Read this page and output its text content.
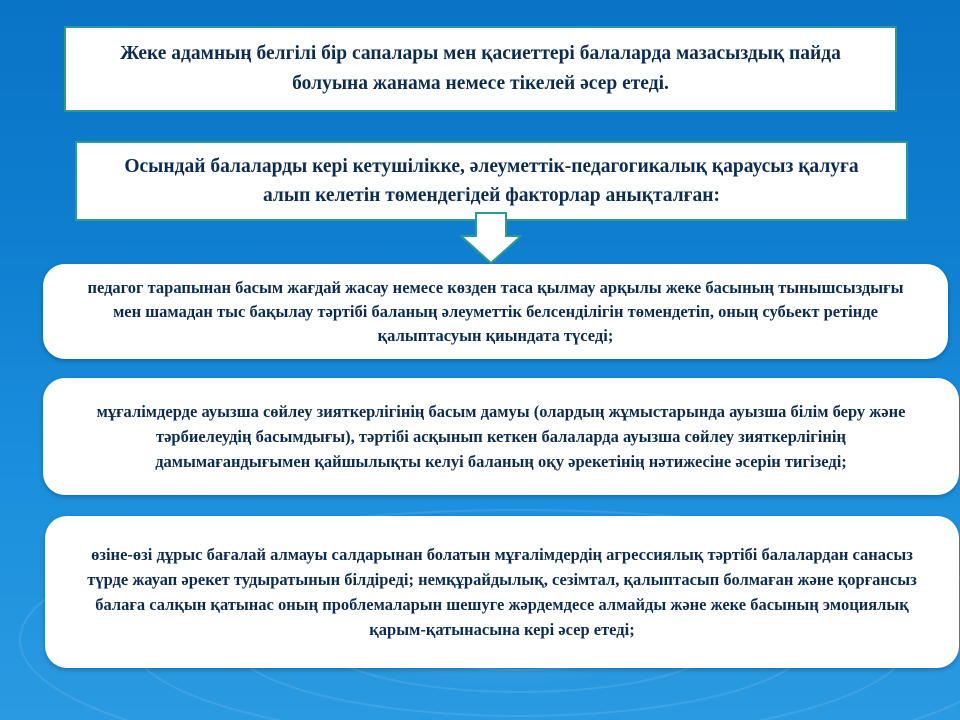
Жеке адамның белгілі бір сапалары мен қасиеттері балаларда мазасыздық пайда болуына жанама немесе тікелей әсер етеді.
Осындай балаларды кері кетушілікке, әлеуметтік-педагогикалық қараусыз қалуға алып келетін төмендегідей факторлар анықталған:
педагог тарапынан басым жағдай жасау немесе көзден таса қылмау арқылы жеке басының тынышсыздығы мен шамадан тыс бақылау тәртібі баланың әлеуметтік белсенділігін төмендетіп, оның субьект ретінде қалыптасуын қиындата түседі;
мұғалімдерде ауызша сөйлеу зияткерлігінің басым дамуы (олардың жұмыстарында ауызша білім беру және тәрбиелеудің басымдығы), тәртібі асқынып кеткен балаларда ауызша сөйлеу зияткерлігінің дамымағандығымен қайшылықты келуі баланың оқу әрекетінің нәтижесіне әсерін тигізеді;
өзіне-өзі дұрыс бағалай алмауы салдарынан болатын мұғалімдердің агрессиялық тәртібі балалардан санасыз түрде жауап әрекет тудыратынын білдіреді; немқұрайдылық, сезімтал, қалыптасып болмаған және қорғансыз балаға салқын қатынас оның проблемаларын шешуге жәрдемдесе алмайды және жеке басының эмоциялық қарым-қатынасына кері әсер етеді;
